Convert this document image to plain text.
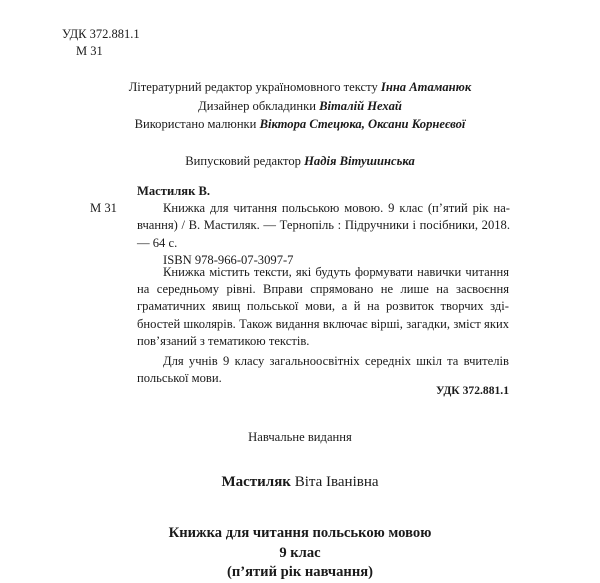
УДК 372.881.1
М 31
Літературний редактор україномовного тексту Інна Атаманюк
Дизайнер обкладинки Віталій Нехай
Використано малюнки Віктора Стецюка, Оксани Корнеєвої
Випусковий редактор Надія Вітушинська
Мастиляк В.
М 31	Книжка для читання польською мовою. 9 клас (п’ятий рік навчання) / В. Мастиляк. — Тернопіль : Підручники і посібники, 2018. — 64 с.
ISBN 978-966-07-3097-7

Книжка містить тексти, які будуть формувати навички читання на середньому рівні. Вправи спрямовано не лише на засвоєння граматичних явищ польської мови, а й на розвиток творчих здібностей школярів. Також видання включає вірші, загадки, зміст яких пов’язаний з тематикою текстів.

Для учнів 9 класу загальноосвітніх середніх шкіл та вчителів польської мови.

УДК 372.881.1
Навчальне видання
Мастиляк Віта Іванівна
Книжка для читання польською мовою
9 клас
(п’ятий рік навчання)
